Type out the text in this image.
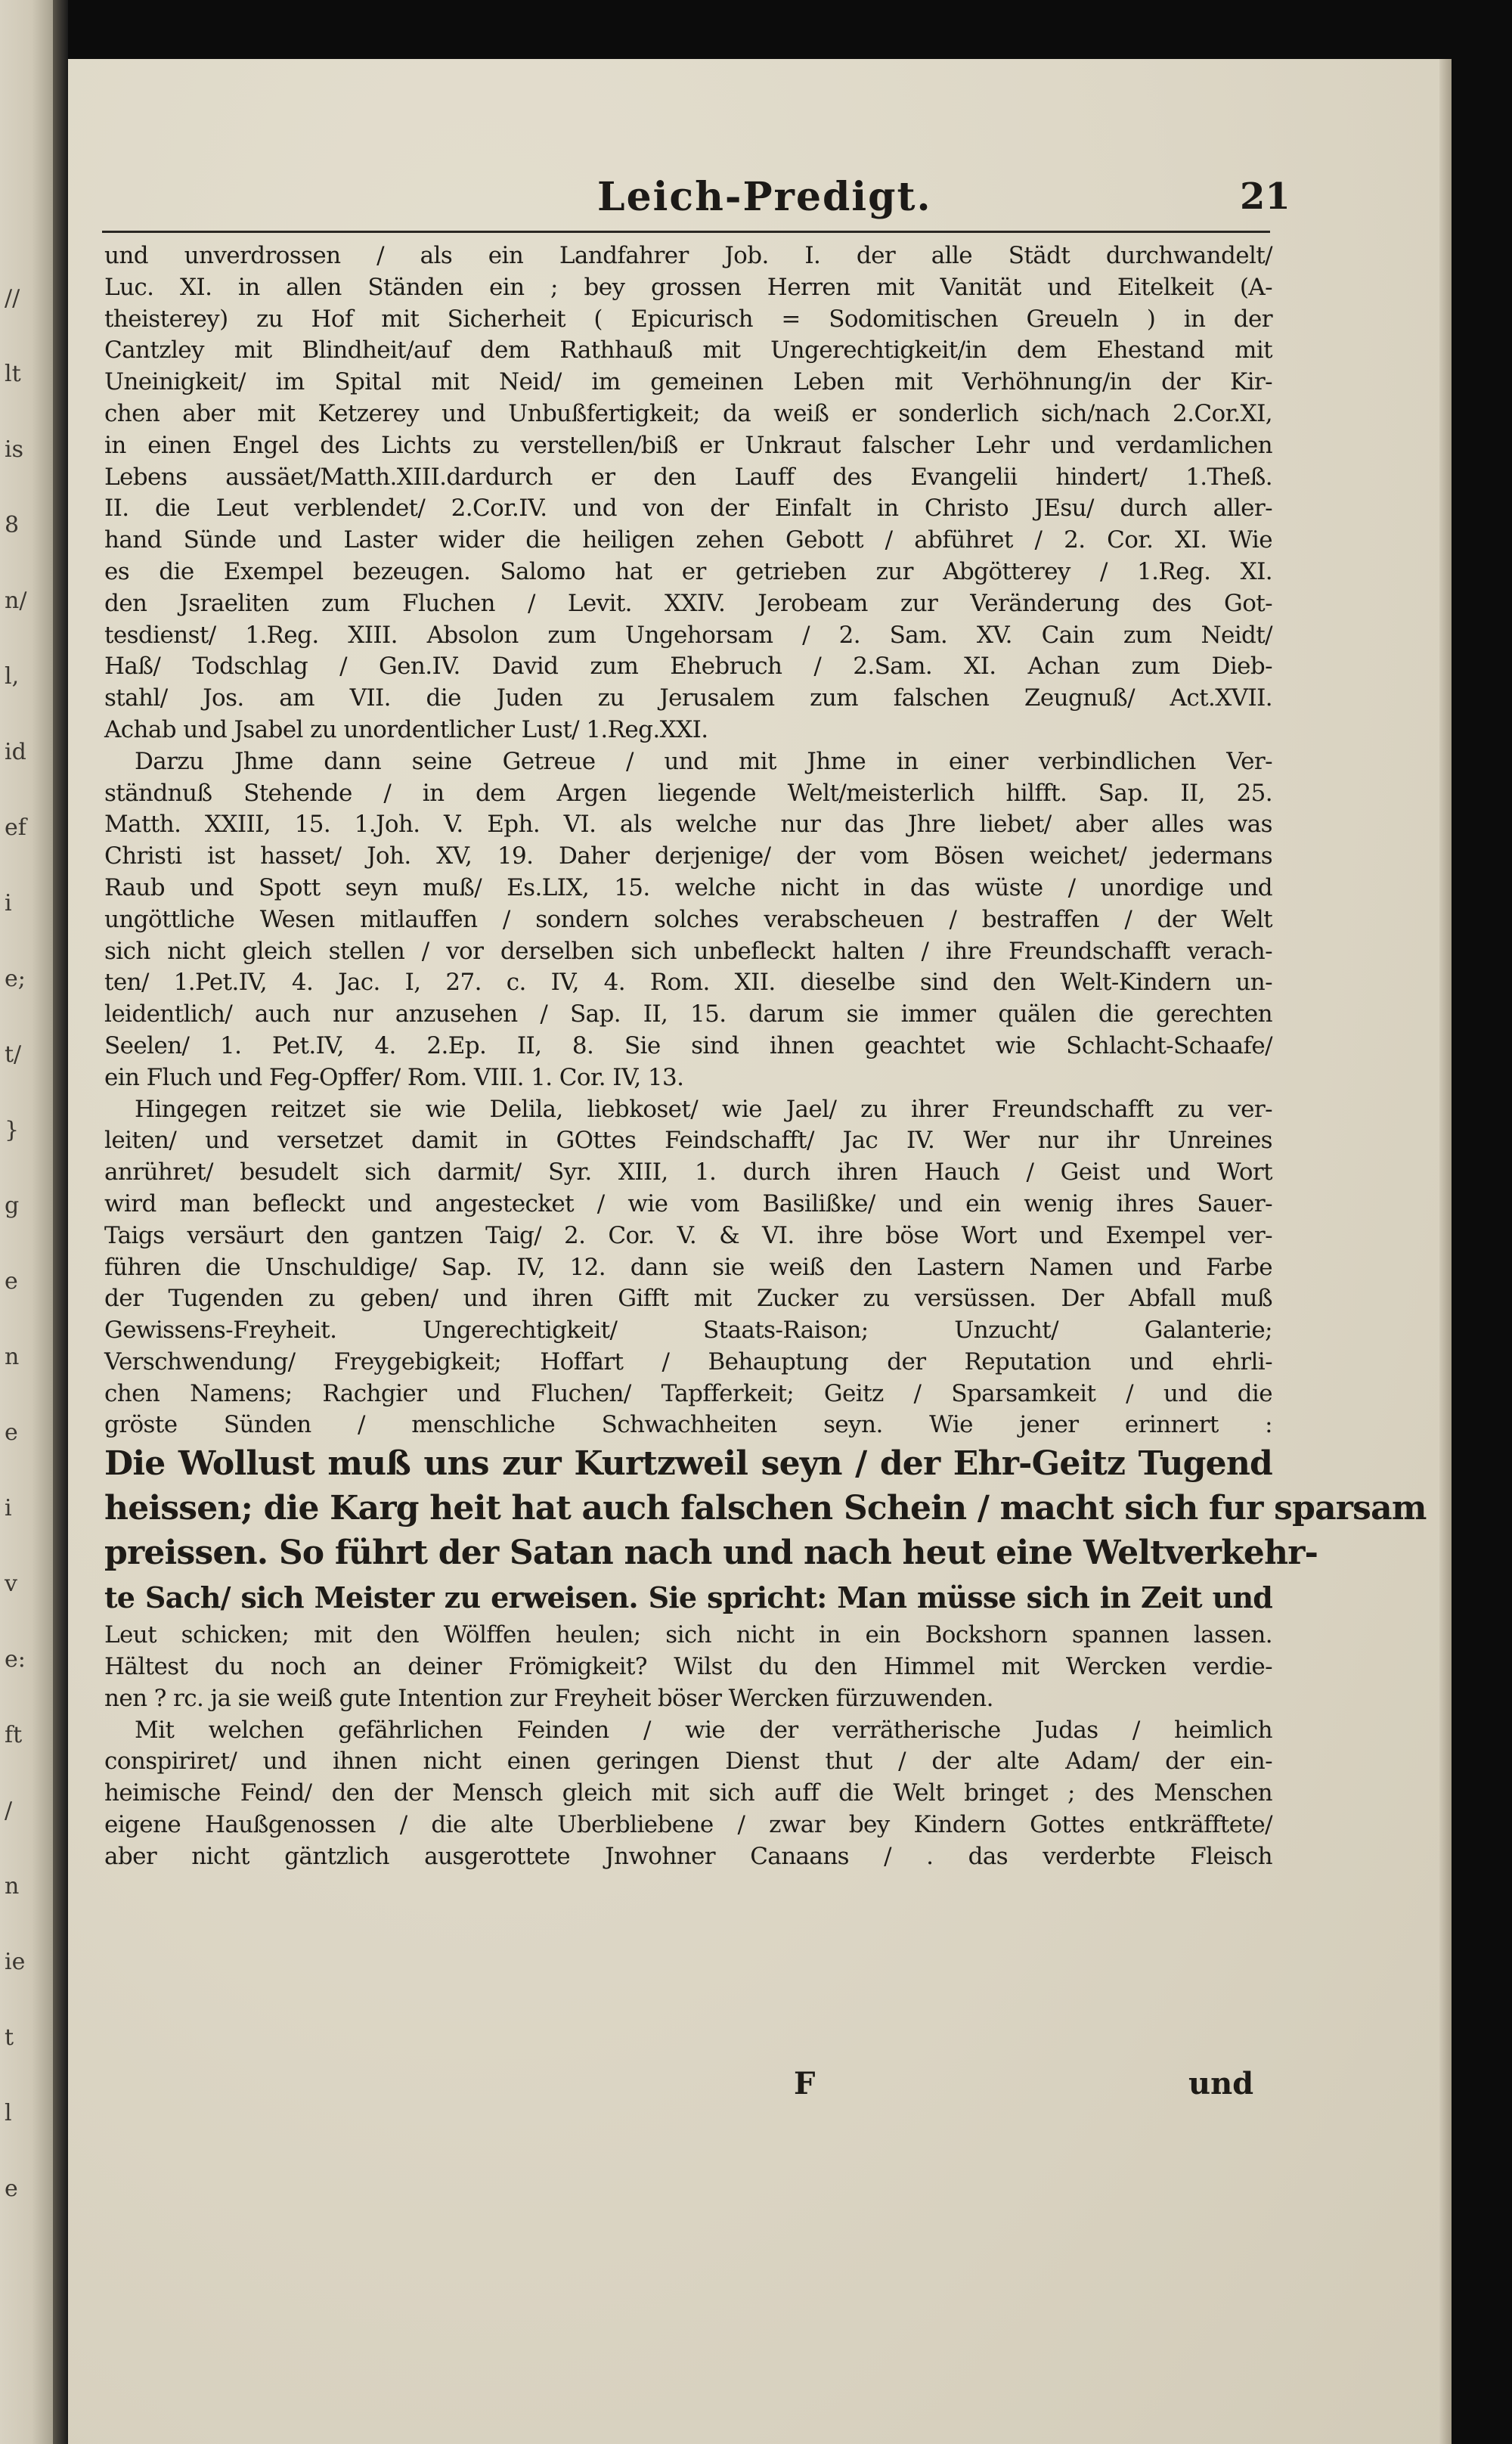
//
lt
is
8
n/
l,
id
ef
i
e;
t/
}
g
e
n
e
i
v
e:
ft
/
n
ie
t
l
e
Leich-Predigt.	21
und unverdrossen / als ein Landfahrer Job. I. der alle Städt durchwandelt/
Luc. XI. in allen Ständen ein ; bey grossen Herren mit Vanität und Eitelkeit (A-
theisterey) zu Hof mit Sicherheit ( Epicurisch = Sodomitischen Greueln ) in der
Cantzley mit Blindheit/auf dem Rathhauß mit Ungerechtigkeit/in dem Ehestand mit
Uneinigkeit/ im Spital mit Neid/ im gemeinen Leben mit Verhöhnung/in der Kir-
chen aber mit Ketzerey und Unbußfertigkeit; da weiß er sonderlich sich/nach 2.Cor.XI,
in einen Engel des Lichts zu verstellen/biß er Unkraut falscher Lehr und verdamlichen
Lebens aussäet/Matth.XIII.dardurch er den Lauff des Evangelii hindert/ 1.Theß.
II. die Leut verblendet/ 2.Cor.IV. und von der Einfalt in Christo JEsu/ durch aller-
hand Sünde und Laster wider die heiligen zehen Gebott / abführet / 2. Cor. XI. Wie
es die Exempel bezeugen. Salomo hat er getrieben zur Abgötterey / 1.Reg. XI.
den Jsraeliten zum Fluchen / Levit. XXIV. Jerobeam zur Veränderung des Got-
tesdienst/ 1.Reg. XIII. Absolon zum Ungehorsam / 2. Sam. XV. Cain zum Neidt/
Haß/ Todschlag / Gen.IV. David zum Ehebruch / 2.Sam. XI. Achan zum Dieb-
stahl/ Jos. am VII. die Juden zu Jerusalem zum falschen Zeugnuß/ Act.XVII.
Achab und Jsabel zu unordentlicher Lust/ 1.Reg.XXI.
Darzu Jhme dann seine Getreue / und mit Jhme in einer verbindlichen Ver-
ständnuß Stehende / in dem Argen liegende Welt/meisterlich hilfft. Sap. II, 25.
Matth. XXIII, 15. 1.Joh. V. Eph. VI. als welche nur das Jhre liebet/ aber alles was
Christi ist hasset/ Joh. XV, 19. Daher derjenige/ der vom Bösen weichet/ jedermans
Raub und Spott seyn muß/ Es.LIX, 15. welche nicht in das wüste / unordige und
ungöttliche Wesen mitlauffen / sondern solches verabscheuen / bestraffen / der Welt
sich nicht gleich stellen / vor derselben sich unbefleckt halten / ihre Freundschafft verach-
ten/ 1.Pet.IV, 4. Jac. I, 27. c. IV, 4. Rom. XII. dieselbe sind den Welt-Kindern un-
leidentlich/ auch nur anzusehen / Sap. II, 15. darum sie immer quälen die gerechten
Seelen/ 1. Pet.IV, 4. 2.Ep. II, 8. Sie sind ihnen geachtet wie Schlacht-Schaafe/
ein Fluch und Feg-Opffer/ Rom. VIII. 1. Cor. IV, 13.
Hingegen reitzet sie wie Delila, liebkoset/ wie Jael/ zu ihrer Freundschafft zu ver-
leiten/ und versetzet damit in GOttes Feindschafft/ Jac IV. Wer nur ihr Unreines
anrühret/ besudelt sich darmit/ Syr. XIII, 1. durch ihren Hauch / Geist und Wort
wird man befleckt und angestecket / wie vom Basilißke/ und ein wenig ihres Sauer-
Taigs versäurt den gantzen Taig/ 2. Cor. V. & VI. ihre böse Wort und Exempel ver-
führen die Unschuldige/ Sap. IV, 12. dann sie weiß den Lastern Namen und Farbe
der Tugenden zu geben/ und ihren Gifft mit Zucker zu versüssen. Der Abfall muß
Gewissens-Freyheit. Ungerechtigkeit/ Staats-Raison; Unzucht/ Galanterie;
Verschwendung/ Freygebigkeit; Hoffart / Behauptung der Reputation und ehrli-
chen Namens; Rachgier und Fluchen/ Tapfferkeit; Geitz / Sparsamkeit / und die
gröste Sünden / menschliche Schwachheiten seyn. Wie jener erinnert :
Die Wollust muß uns zur Kurtzweil seyn / der Ehr-Geitz Tugend
heissen; die Karg heit hat auch falschen Schein / macht sich fur sparsam
preissen. So führt der Satan nach und nach heut eine Weltverkehr-
te Sach/ sich Meister zu erweisen. Sie spricht: Man müsse sich in Zeit und
Leut schicken; mit den Wölffen heulen; sich nicht in ein Bockshorn spannen lassen.
Hältest du noch an deiner Frömigkeit? Wilst du den Himmel mit Wercken verdie-
nen ? rc. ja sie weiß gute Intention zur Freyheit böser Wercken fürzuwenden.
Mit welchen gefährlichen Feinden / wie der verrätherische Judas / heimlich
conspiriret/ und ihnen nicht einen geringen Dienst thut / der alte Adam/ der ein-
heimische Feind/ den der Mensch gleich mit sich auff die Welt bringet ; des Menschen
eigene Haußgenossen / die alte Uberbliebene / zwar bey Kindern Gottes entkräfftete/
aber nicht gäntzlich ausgerottete Jnwohner Canaans / . das verderbte Fleisch
F	und
